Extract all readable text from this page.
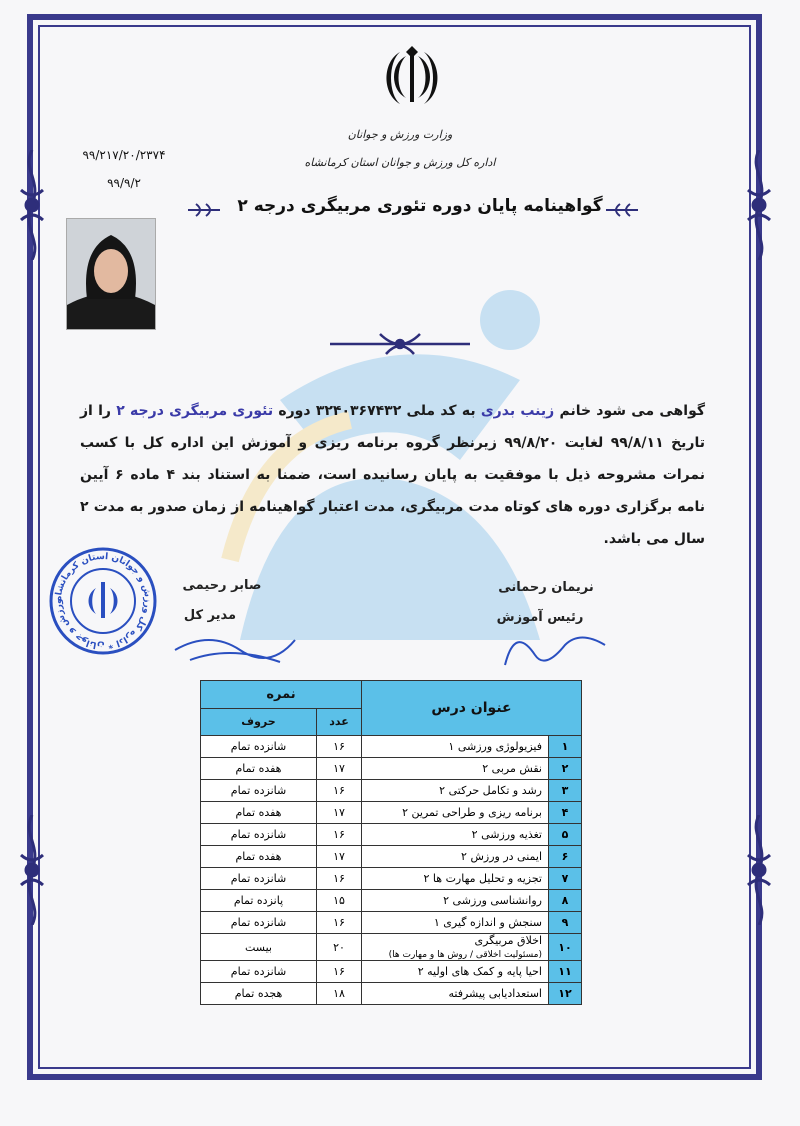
وزارت ورزش و جوانان
اداره کل ورزش و جوانان استان کرمانشاه
۹۹/۲۱۷/۲۰/۲۳۷۴
۹۹/۹/۲
گواهینامه پایان دوره تئوری مربیگری درجه ۲
گواهی می شود خانم زینب بدری به کد ملی ۳۲۴۰۳۶۷۴۳۲ دوره تئوری مربیگری درجه ۲ را از تاریخ ۹۹/۸/۱۱ لغایت ۹۹/۸/۲۰ زیرنظر گروه برنامه ریزی و آموزش این اداره کل با کسب نمرات مشروحه ذیل با موفقیت به پایان رسانیده است، ضمنا به استناد بند ۴ ماده ۶ آیین نامه برگزاری دوره های کوتاه مدت مربیگری، مدت اعتبار گواهینامه از زمان صدور به مدت ۲ سال می باشد.
ورزش و جوانان * اداره کل ورزش و جوانان استان کرمانشاه
صابر رحیمی
مدیر کل
نریمان رحمانی
رئیس آموزش
عنوان درس		نمره	
		عدد	حروف
۱	فیزیولوژی ورزشی ۱	۱۶	شانزده تمام
۲	نقش مربی ۲	۱۷	هفده تمام
۳	رشد و تکامل حرکتی ۲	۱۶	شانزده تمام
۴	برنامه ریزی و طراحی تمرین ۲	۱۷	هفده تمام
۵	تغذیه ورزشی ۲	۱۶	شانزده تمام
۶	ایمنی در ورزش ۲	۱۷	هفده تمام
۷	تجزیه و تحلیل مهارت ها ۲	۱۶	شانزده تمام
۸	روانشناسی ورزشی ۲	۱۵	پانزده تمام
۹	سنجش و اندازه گیری ۱	۱۶	شانزده تمام
۱۰	اخلاق مربیگری
(مسئولیت اخلاقی / روش ها و مهارت ها)	۲۰	بیست
۱۱	احیا پایه و کمک های اولیه ۲	۱۶	شانزده تمام
۱۲	استعدادیابی پیشرفته	۱۸	هجده تمام
